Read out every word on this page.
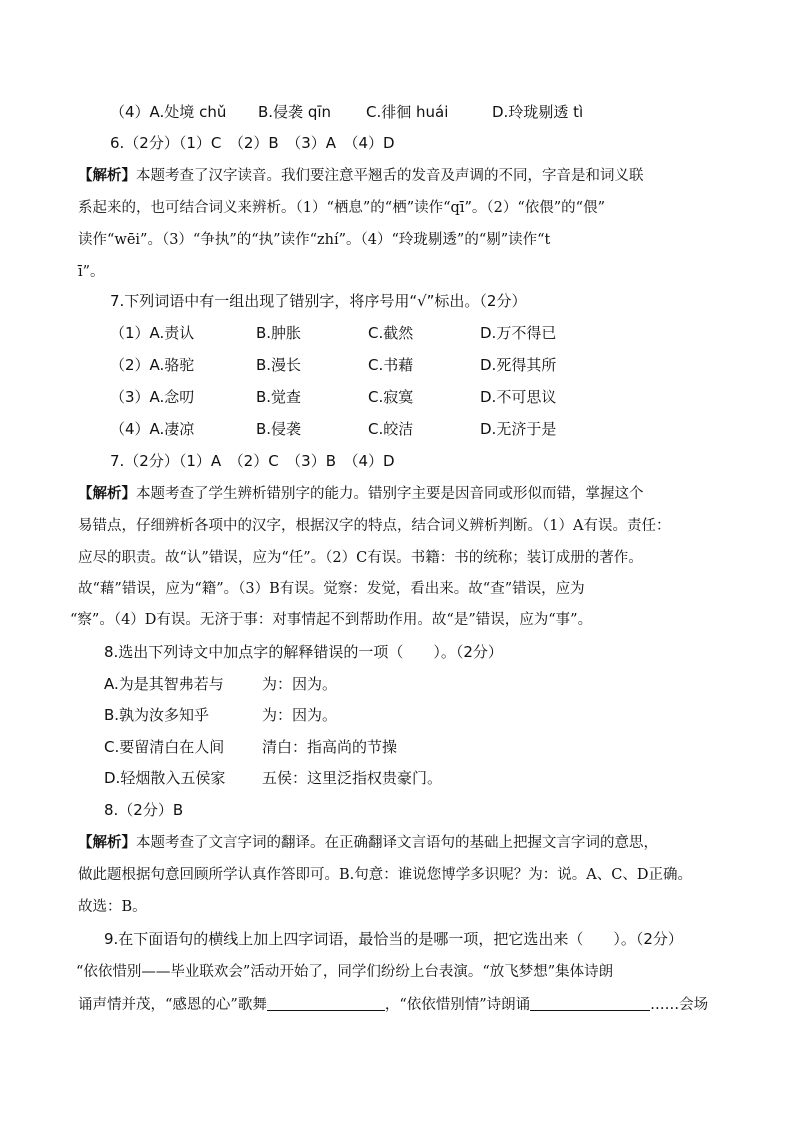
（4）A.处境 chǔ B.侵袭 qīn C.徘徊 huái	D.玲珑剔透 tì
6.（2分）（1）C　（2）B　（3）A　（4）D
【解析】本题考查了汉字读音。我们要注意平翘舌的发音及声调的不同，字音是和词义联
系起来的，也可结合词义来辨析。（1）“栖息”的“栖”读作“qī”。（2）“依偎”的“偎”
读作“wēi”。（3）“争执”的“执”读作“zhí”。（4）“玲珑剔透”的“剔”读作“t
ī”。
7.下列词语中有一组出现了错别字，将序号用“√”标出。（2分）
（1）A.责认	B.肿胀	C.截然	D.万不得已
（2）A.骆驼	B.漫长	C.书藉	D.死得其所
（3）A.念叨	B.觉查	C.寂寞	D.不可思议
（4）A.凄凉	B.侵袭	C.皎洁	D.无济于是
7.（2分）（1）A　（2）C　（3）B　（4）D
【解析】本题考查了学生辨析错别字的能力。错别字主要是因音同或形似而错，掌握这个
易错点，仔细辨析各项中的汉字，根据汉字的特点，结合词义辨析判断。（1）A有误。责任：
应尽的职责。故“认”错误，应为“任”。（2）C有误。书籍：书的统称；装订成册的著作。
故“藉”错误，应为“籍”。（3）B有误。觉察：发觉，看出来。故“查”错误，应为
“察”。（4）D有误。无济于事：对事情起不到帮助作用。故“是”错误，应为“事”。
8.选出下列诗文中加点字的解释错误的一项（　　）。（2分）
A.为是其智弗若与	为：因为。
B.孰为汝多知乎	为：因为。
C.要留清白在人间	清白：指高尚的节操
D.轻烟散入五侯家 五侯：这里泛指权贵豪门。
8.（2分）B
【解析】本题考查了文言字词的翻译。在正确翻译文言语句的基础上把握文言字词的意思，
做此题根据句意回顾所学认真作答即可。B.句意：谁说您博学多识呢？为：说。A、C、D正确。
故选：B。
9.在下面语句的横线上加上四字词语，最恰当的是哪一项，把它选出来（　　）。（2分）
“依依惜别——毕业联欢会”活动开始了，同学们纷纷上台表演。“放飞梦想”集体诗朗
诵声情并茂，“感恩的心”歌舞	，“依依惜别情”诗朗诵	……会场
